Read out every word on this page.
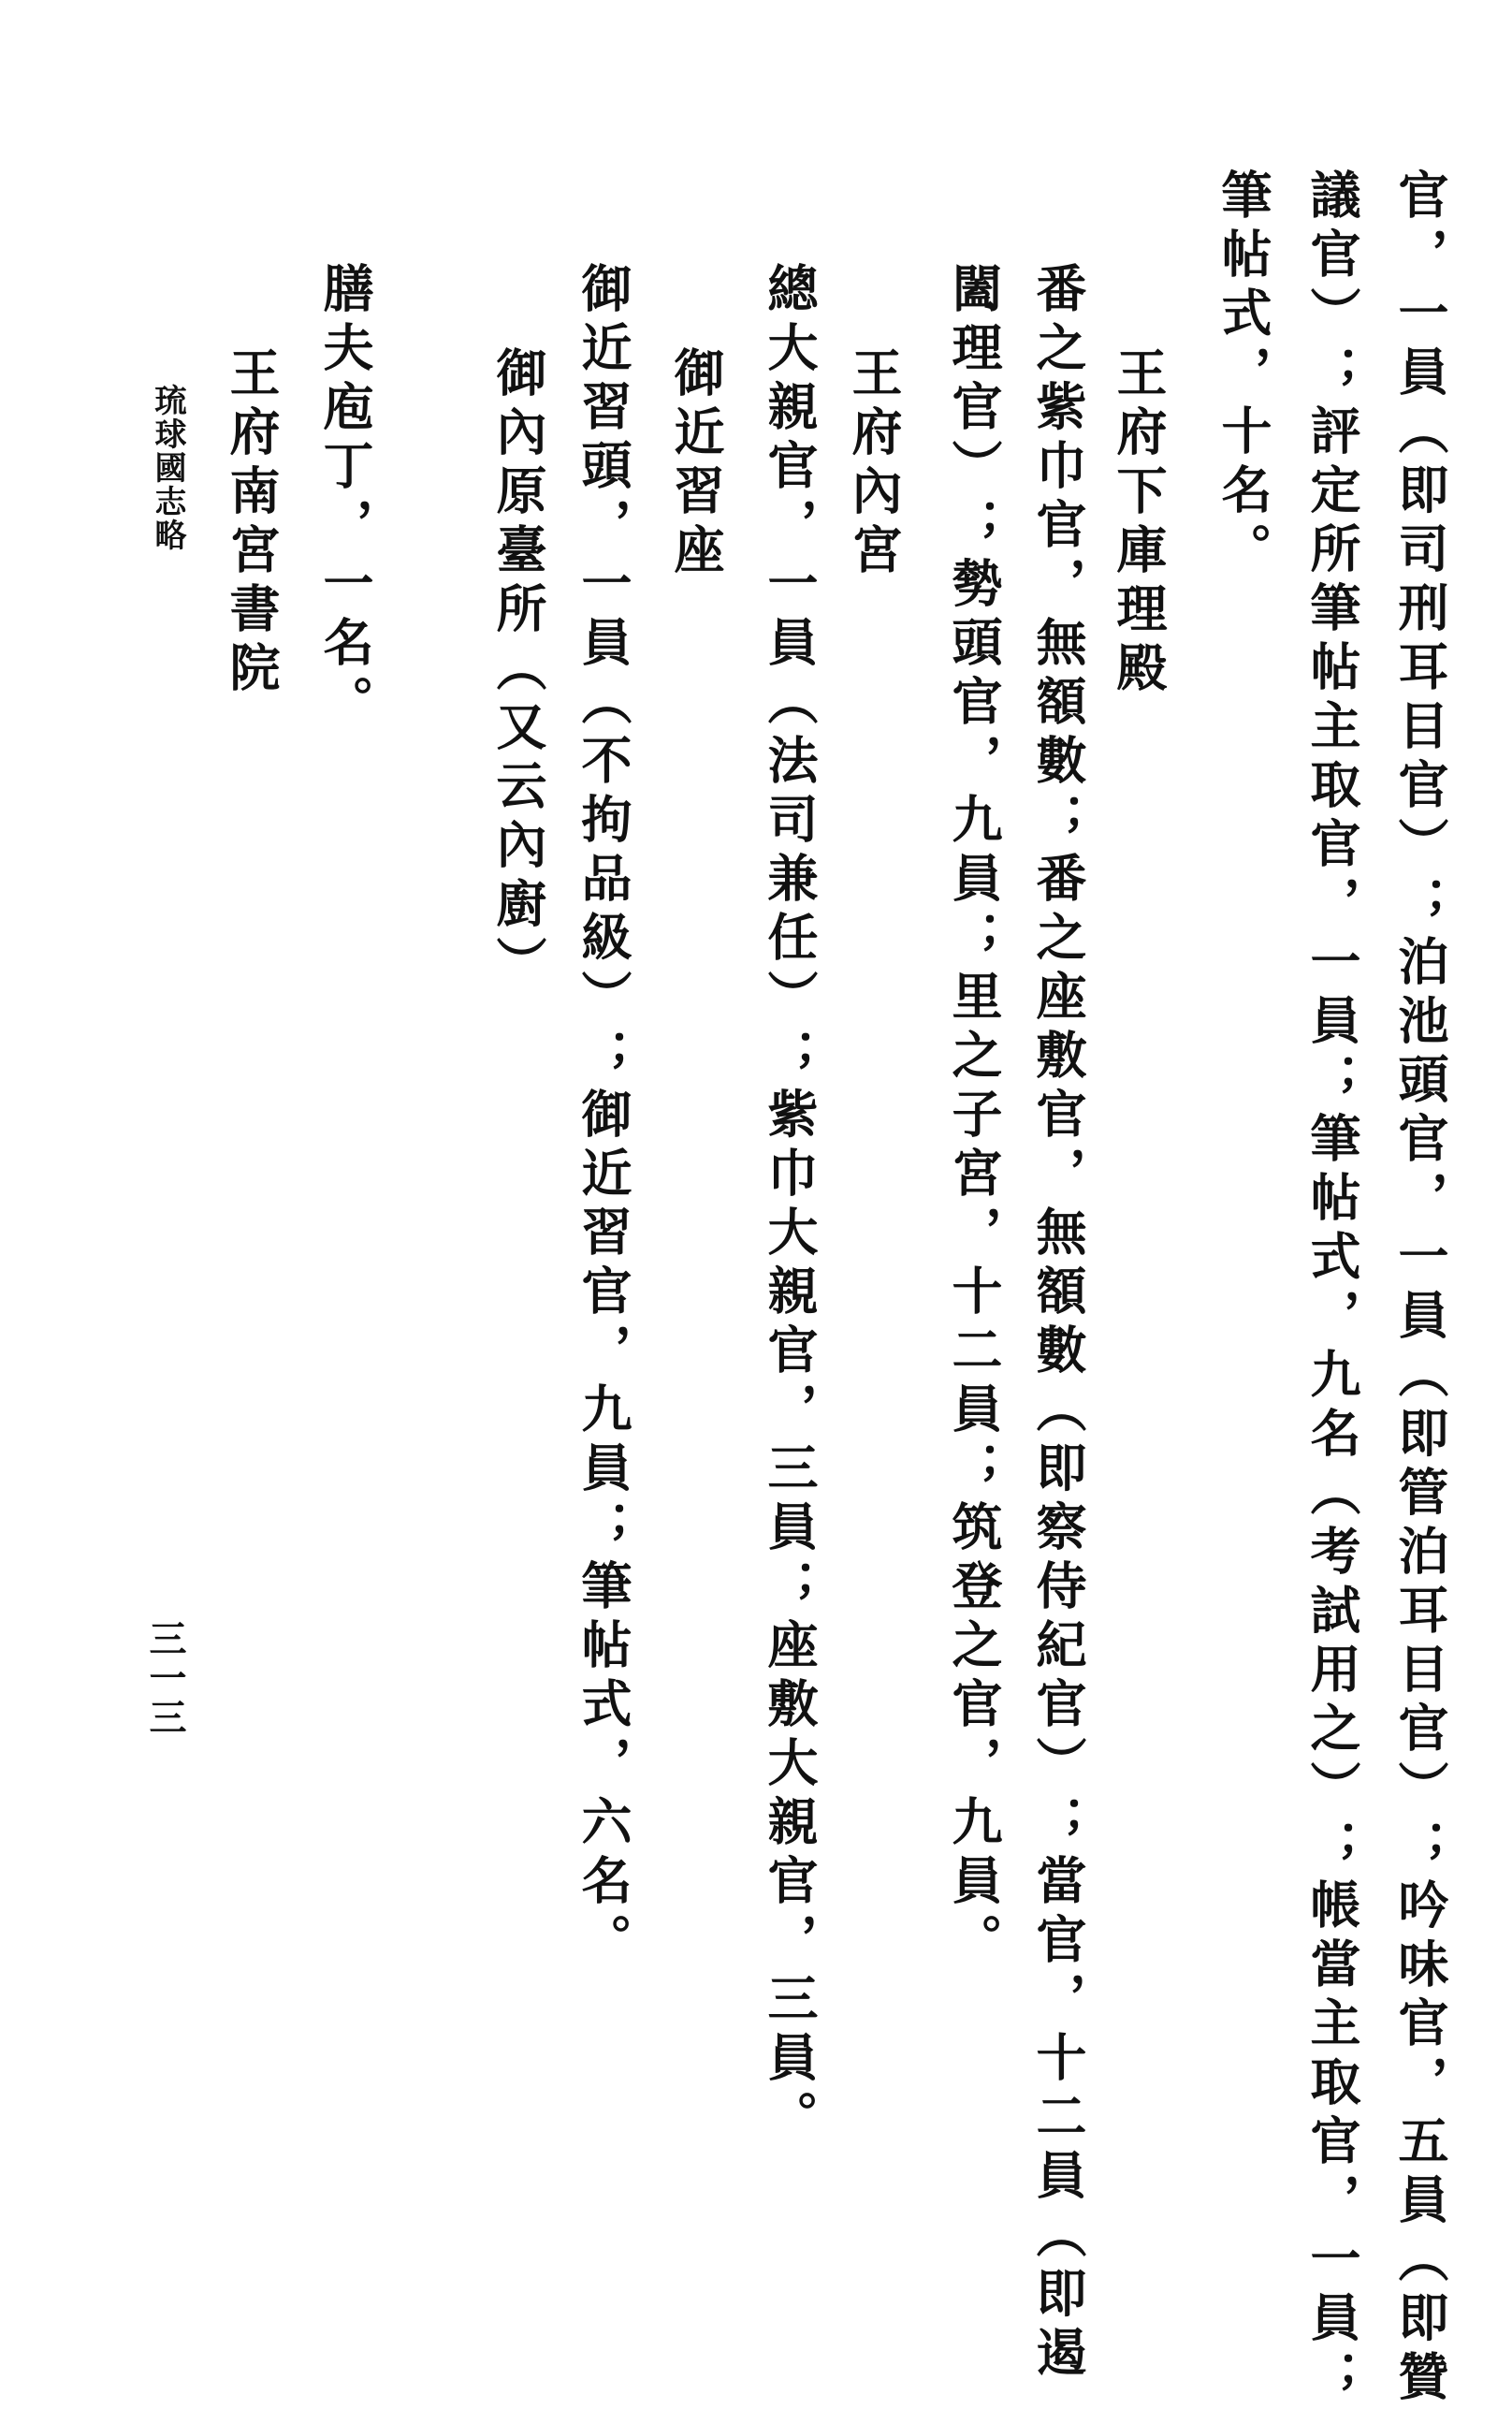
官，一員（即司刑耳目官）；泊池頭官，一員（即管泊耳目官）；吟味官，五員（即贊
議官）；評定所筆帖主取官，一員；筆帖式，九名（考試用之）；帳當主取官，一員；
筆帖式，十名。
王府下庫理殿
番之紫巾官，無額數；番之座敷官，無額數（即察侍紀官）；當官，十二員（即遏
闔理官）；勢頭官，九員；里之子宮，十二員；筑登之官，九員。
王府內宮
總大親官，一員（法司兼任）；紫巾大親官，三員；座敷大親官，三員。
御近習座
御近習頭，一員（不拘品級）；御近習官，九員；筆帖式，六名。
御內原臺所（又云內廚）
膳夫庖丁，一名。
王府南宮書院
琉球國志略
三一三
